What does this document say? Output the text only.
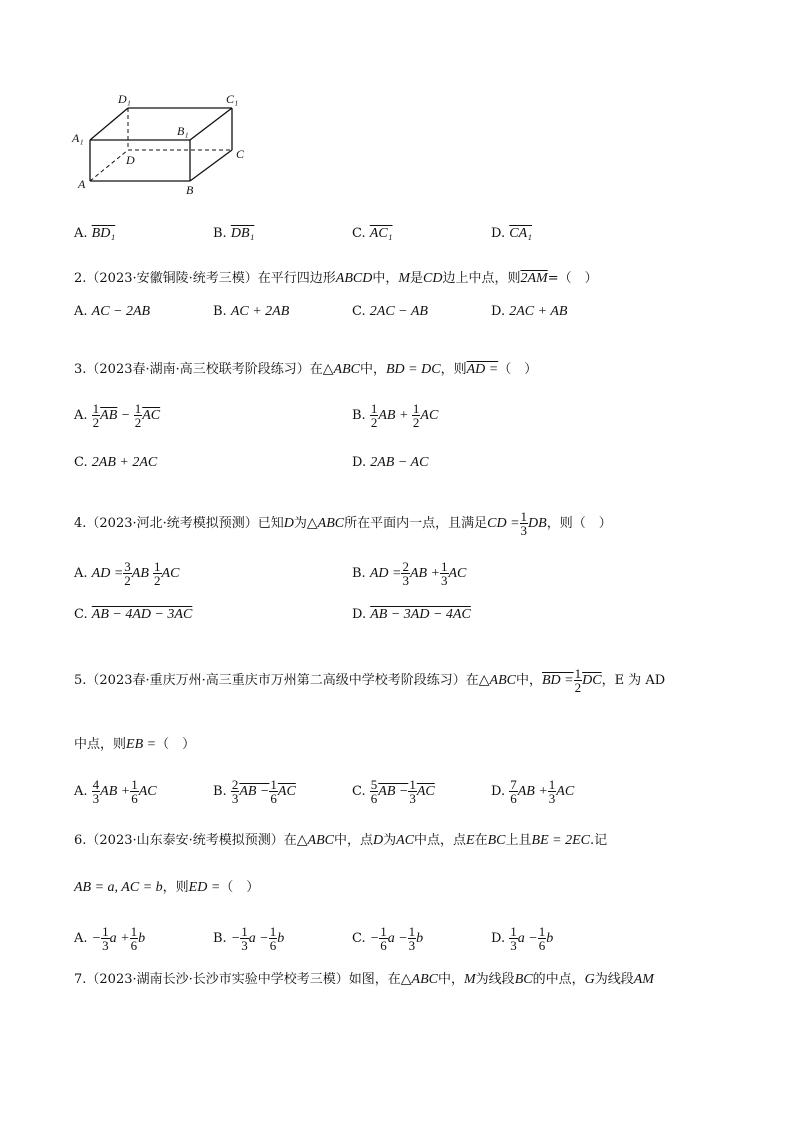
D₁	C₁
A₁	B₁
D	C
A	B
A. BD₁	B. DB₁	C. AC₁	D. CA₁
2.（2023·安徽铜陵·统考三模）在平行四边形ABCD中，M是CD边上中点，则2AM=（　）
A. AC − 2AB	B. AC + 2AB	C. 2AC − AB	D. 2AC + AB
3.（2023春·湖南·高三校联考阶段练习）在△ABC中，BD = DC，则AD =（　）
A. $\frac{1}{2} \overline{AB} - \frac{1}{2} \overline{AC}$	B. $\frac{1}{2}$ AB + $\frac{1}{2}$ AC
C. 2AB + 2AC	D. 2AB − AC
4.（2023·河北·统考模拟预测）已知D为△ABC所在平面内一点，且满足CD = $\frac{1}{3}$ DB，则（　）
A. AD = $\frac{3}{2}$ AB $\frac{1}{2}$ AC	B. AD = $\frac{2}{3}$ AB + $\frac{1}{3}$ AC
C. AB − 4AD − 3AC	D. AB − 3AD − 4AC
5.（2023春·重庆万州·高三重庆市万州第二高级中学校考阶段练习）在△ABC中，BD = $\frac{1}{2} \overline{DC}$，E 为 AD
中点，则EB =（　）
A. $\frac{4}{3}$ AB + $\frac{1}{6}$ AC	B. $\frac{2}{3}$ AB − $\frac{1}{6} \overline{AC}$	C. $\frac{5}{6}$ AB − $\frac{1}{3} \overline{AC}$	D. $\frac{7}{6}$ AB + $\frac{1}{3}$ AC
6.（2023·山东泰安·统考模拟预测）在△ABC中，点D为AC中点，点E在BC上且BE = 2EC.记
AB = a, AC = b，则ED =（　）
A. − $\frac{1}{3}$ $a + \frac{1}{6}$ b	B. − $\frac{1}{3}$ $a - \frac{1}{6}$ b	C. − $\frac{1}{6}$ $a - \frac{1}{3}$ b	D. $\frac{1}{3}$ $a - \frac{1}{6}$ b
7.（2023·湖南长沙·长沙市实验中学校考三模）如图，在△ABC中，M为线段BC的中点，G为线段AM
